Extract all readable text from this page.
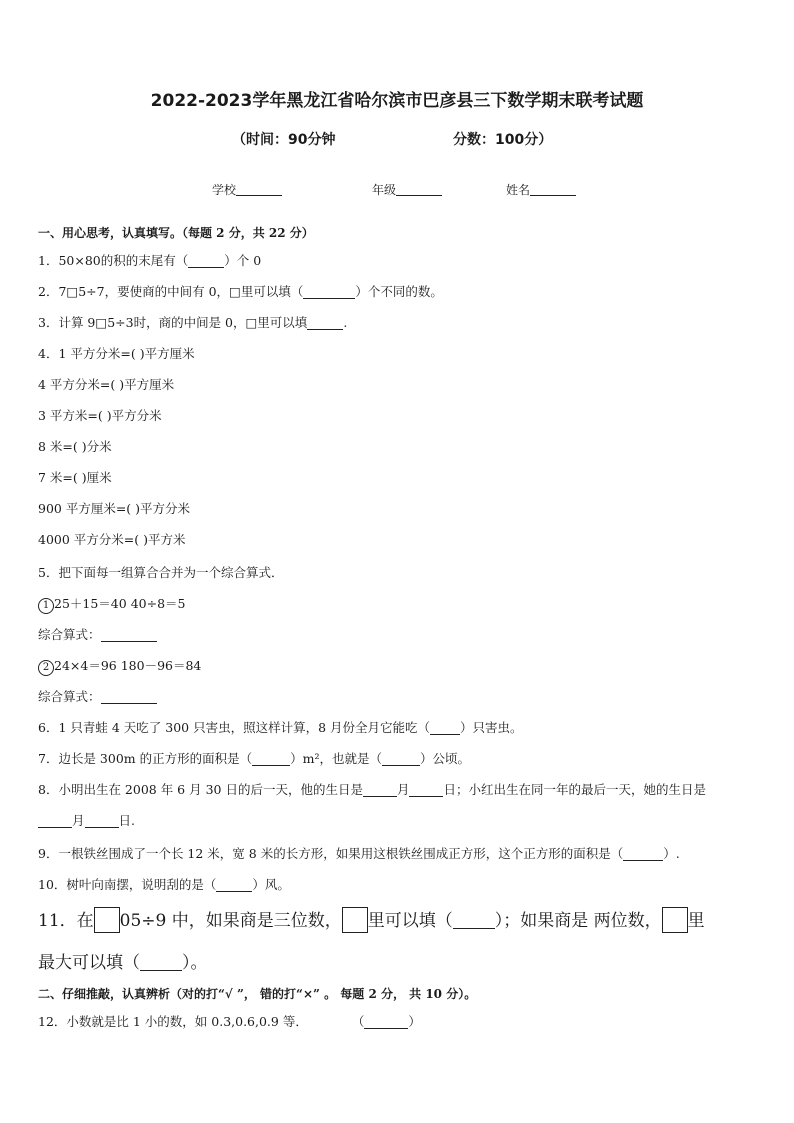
2022-2023学年黑龙江省哈尔滨市巴彦县三下数学期末联考试题
（时间：90分钟	分数：100分）
学校	年级	姓名
一、用心思考，认真填写。（每题 2 分，共 22 分）
1．50×80的积的末尾有（	）个 0
2．7□5÷7，要使商的中间有 0，□里可以填（	）个不同的数。
3．计算 9□5÷3时，商的中间是 0，□里可以填	.
4．1 平方分米=( )平方厘米
4 平方分米=( )平方厘米
3 平方米=( )平方分米
8 米=( )分米
7 米=( )厘米
900 平方厘米=( )平方分米
4000 平方分米=( )平方米
5．把下面每一组算合合并为一个综合算式．
1 25＋15＝40 40÷8＝5
综合算式：
2 24×4＝96 180－96＝84
综合算式：
6．1 只青蛙 4 天吃了 300 只害虫，照这样计算，8 月份全月它能吃（ ）只害虫。
7．边长是 300m 的正方形的面积是（	）m²，也就是（	）公顷。
8．小明出生在 2008 年 6 月 30 日的后一天，他的生日是	月	日；小红出生在同一年的最后一天，她的生日是
月	日.
9．一根铁丝围成了一个长 12 米，宽 8 米的长方形，如果用这根铁丝围成正方形，这个正方形的面积是（	）.
10．树叶向南摆，说明刮的是（	）风。
11．在 05÷9 中，如果商是三位数， 里可以填（ ）；如果商是 两位数， 里
最大可以填（ ）。
二、仔细推敲，认真辨析（对的打“√ ”， 错的打“×” 。 每题 2 分， 共 10 分）。
12．小数就是比 1 小的数，如 0.3,0.6,0.9 等．	（	）
